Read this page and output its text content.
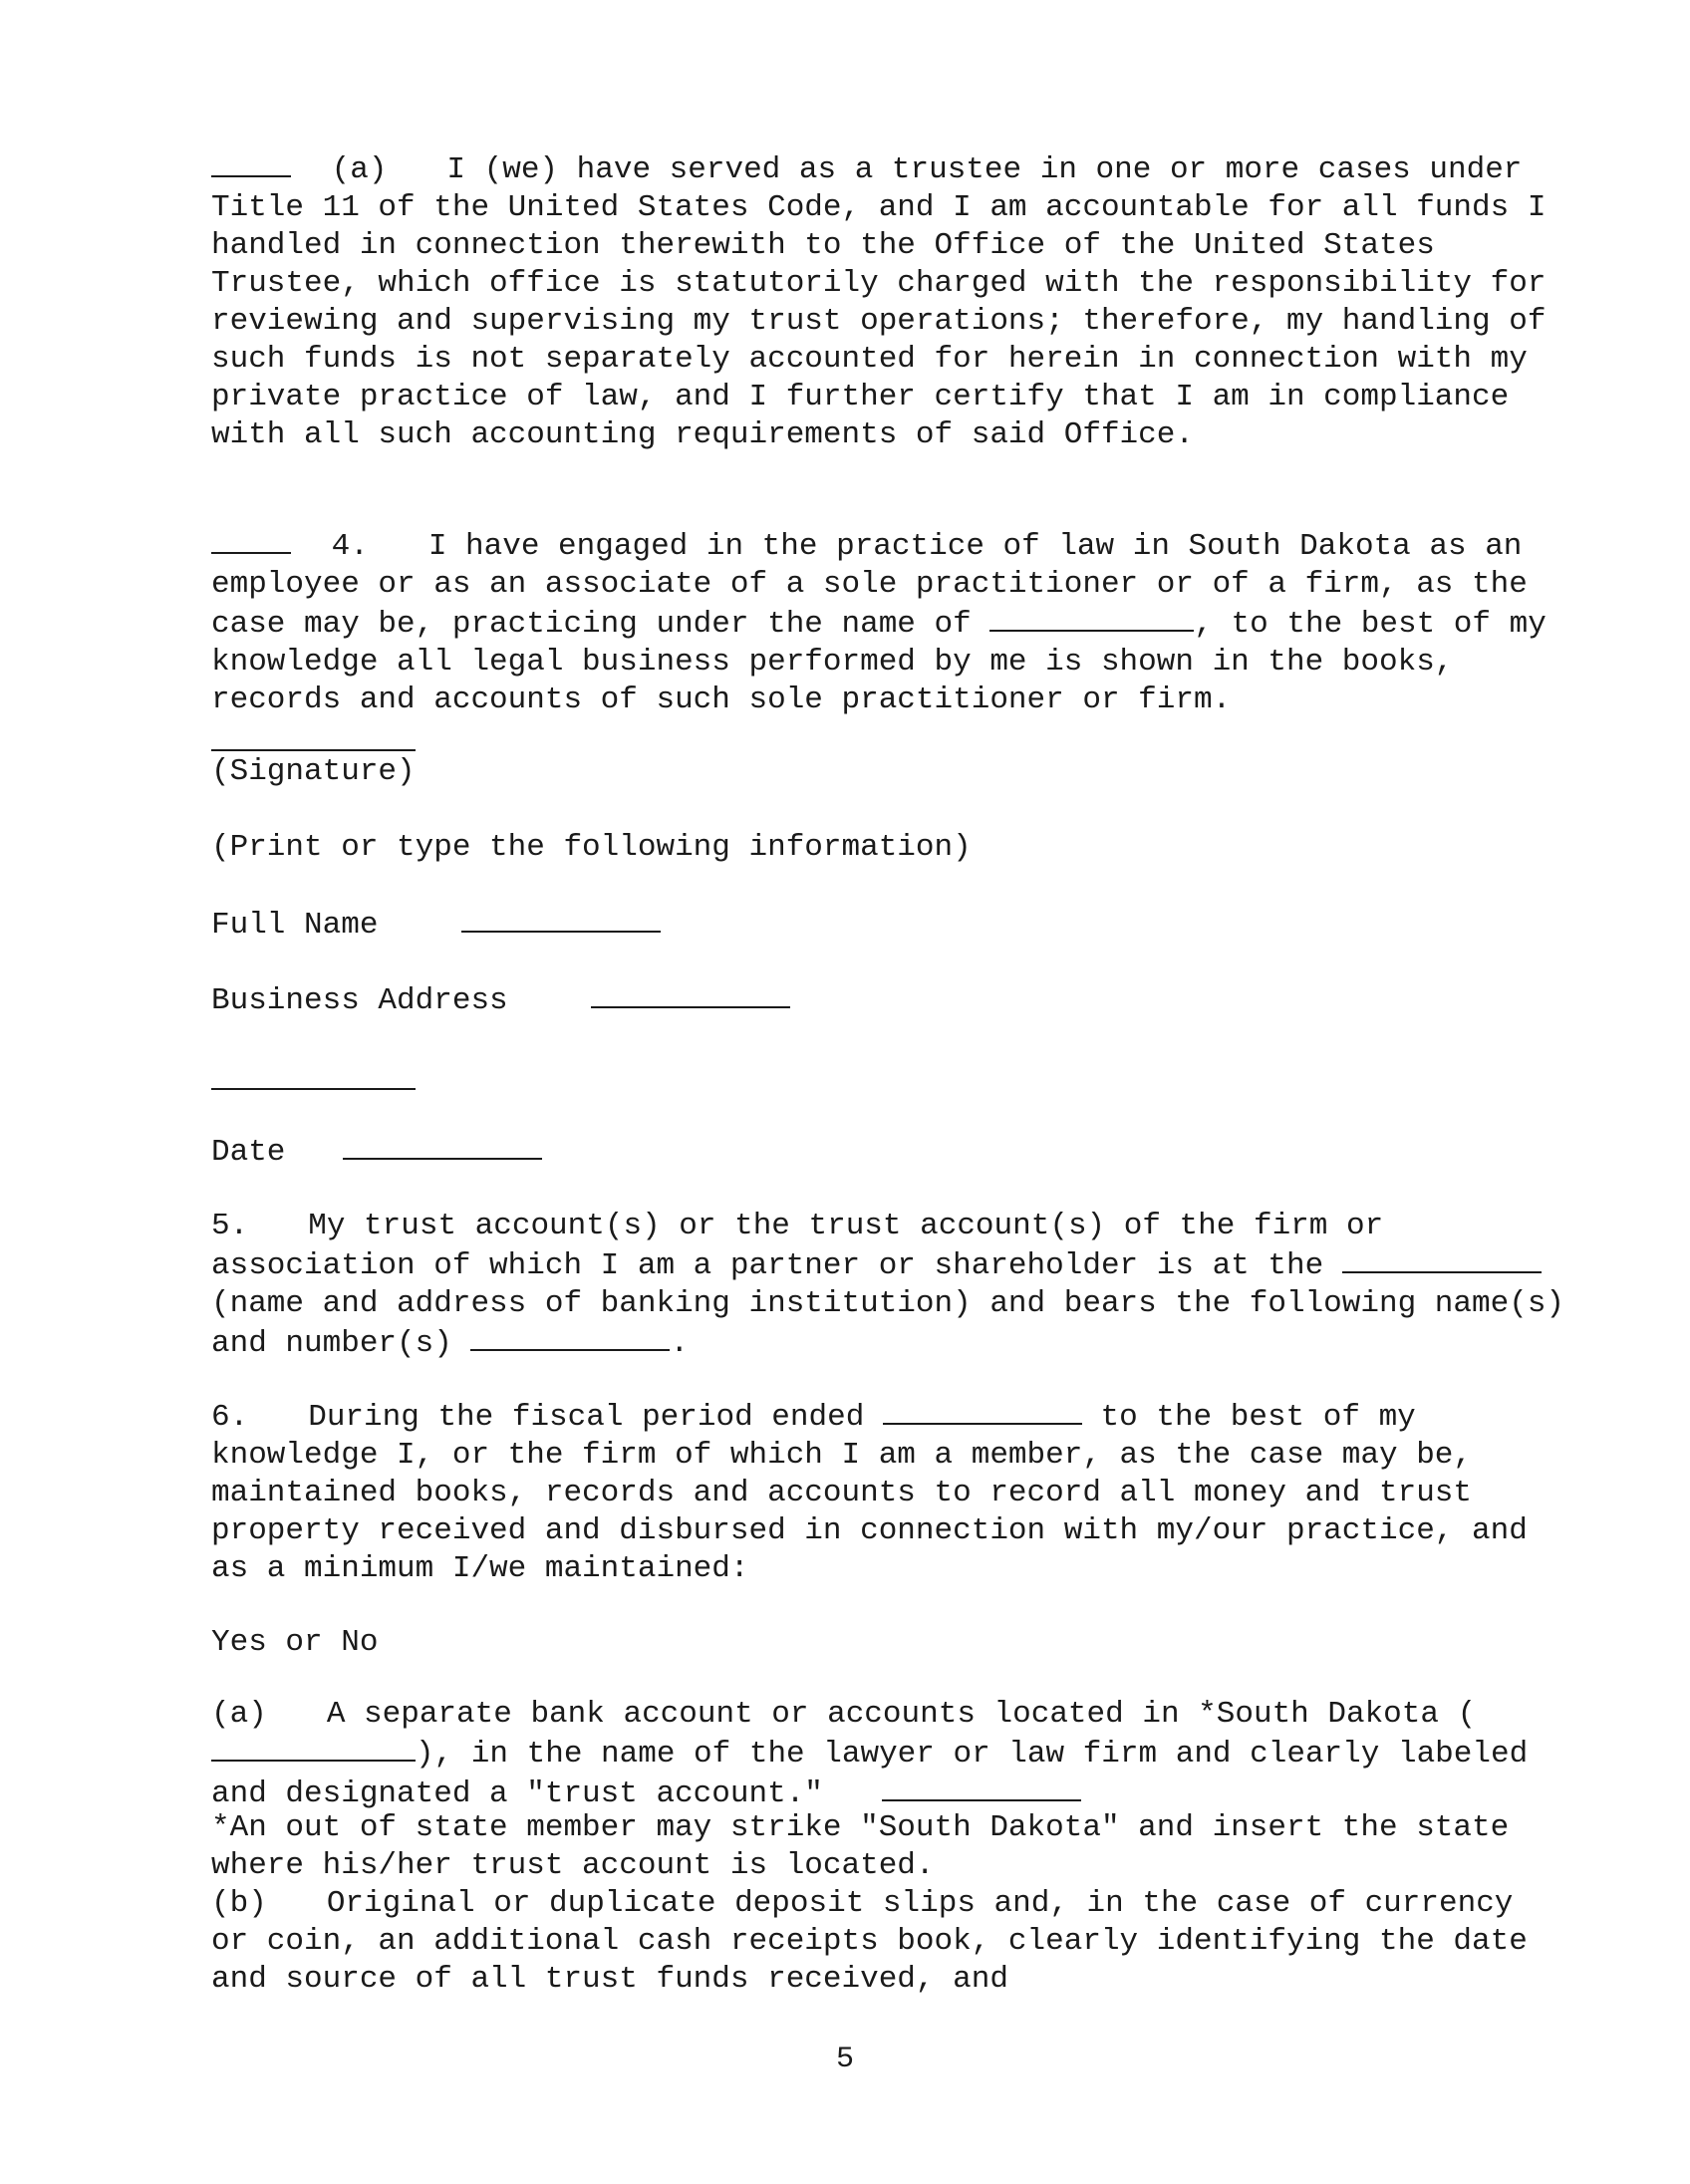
(a) I (we) have served as a trustee in one or more cases under Title 11 of the United States Code, and I am accountable for all funds I handled in connection therewith to the Office of the United States Trustee, which office is statutorily charged with the responsibility for reviewing and supervising my trust operations; therefore, my handling of such funds is not separately accounted for herein in connection with my private practice of law, and I further certify that I am in compliance with all such accounting requirements of said Office.

4. I have engaged in the practice of law in South Dakota as an employee or as an associate of a sole practitioner or of a firm, as the case may be, practicing under the name of	, to the best of my knowledge all legal business performed by me is shown in the books, records and accounts of such sole practitioner or firm.

(Signature)
(Print or type the following information)
Full Name
Business Address
Date

5. My trust account(s) or the trust account(s) of the firm or association of which I am a partner or shareholder is at the  (name and address of banking institution) and bears the following name(s) and number(s)	.

6. During the fiscal period ended	to the best of my knowledge I, or the firm of which I am a member, as the case may be, maintained books, records and accounts to record all money and trust property received and disbursed in connection with my/our practice, and as a minimum I/we maintained:

Yes or No

(a) A separate bank account or accounts located in *South Dakota (), in the name of the lawyer or law firm and clearly labeled and designated a "trust account."

*An out of state member may strike "South Dakota" and insert the state where his/her trust account is located.

(b) Original or duplicate deposit slips and, in the case of currency or coin, an additional cash receipts book, clearly identifying the date and source of all trust funds received, and

5
